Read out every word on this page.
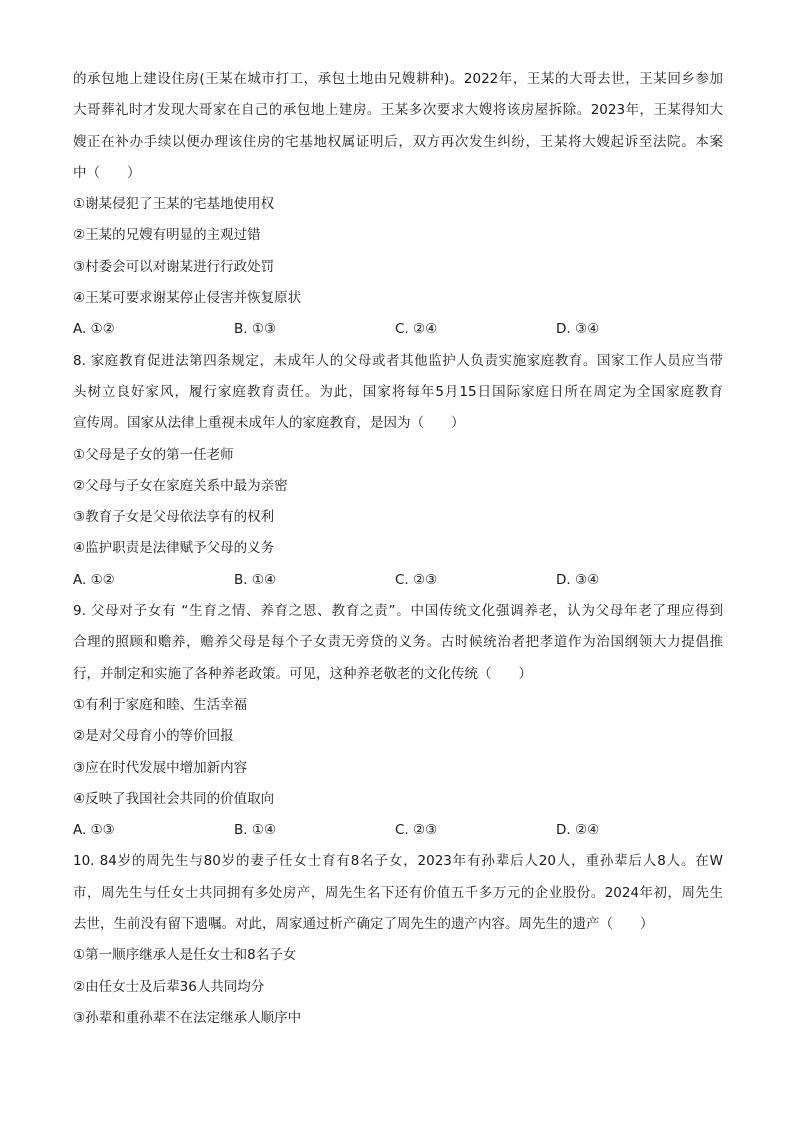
的承包地上建设住房(王某在城市打工，承包土地由兄嫂耕种)。2022年，王某的大哥去世，王某回乡参加
大哥葬礼时才发现大哥家在自己的承包地上建房。王某多次要求大嫂将该房屋拆除。2023年，王某得知大
嫂正在补办手续以便办理该住房的宅基地权属证明后，双方再次发生纠纷，王某将大嫂起诉至法院。本案
中（　　）
①谢某侵犯了王某的宅基地使用权
②王某的兄嫂有明显的主观过错
③村委会可以对谢某进行行政处罚
④王某可要求谢某停止侵害并恢复原状
A. ①②	B. ①③	C. ②④	D. ③④
8. 家庭教育促进法第四条规定，未成年人的父母或者其他监护人负责实施家庭教育。国家工作人员应当带
头树立良好家风，履行家庭教育责任。为此，国家将每年5月15日国际家庭日所在周定为全国家庭教育
宣传周。国家从法律上重视未成年人的家庭教育，是因为（　　）
①父母是子女的第一任老师
②父母与子女在家庭关系中最为亲密
③教育子女是父母依法享有的权利
④监护职责是法律赋予父母的义务
A. ①②	B. ①④	C. ②③	D. ③④
9. 父母对子女有 “生育之情、养育之恩、教育之责”。中国传统文化强调养老，认为父母年老了理应得到
合理的照顾和赡养，赡养父母是每个子女责无旁贷的义务。古时候统治者把孝道作为治国纲领大力提倡推
行，并制定和实施了各种养老政策。可见，这种养老敬老的文化传统（　　）
①有利于家庭和睦、生活幸福
②是对父母育小的等价回报
③应在时代发展中增加新内容
④反映了我国社会共同的价值取向
A. ①③	B. ①④	C. ②③	D. ②④
10. 84岁的周先生与80岁的妻子任女士育有8名子女，2023年有孙辈后人20人，重孙辈后人8人。在W
市，周先生与任女士共同拥有多处房产，周先生名下还有价值五千多万元的企业股份。2024年初，周先生
去世，生前没有留下遗嘱。对此，周家通过析产确定了周先生的遗产内容。周先生的遗产（　　）
①第一顺序继承人是任女士和8名子女
②由任女士及后辈36人共同均分
③孙辈和重孙辈不在法定继承人顺序中
